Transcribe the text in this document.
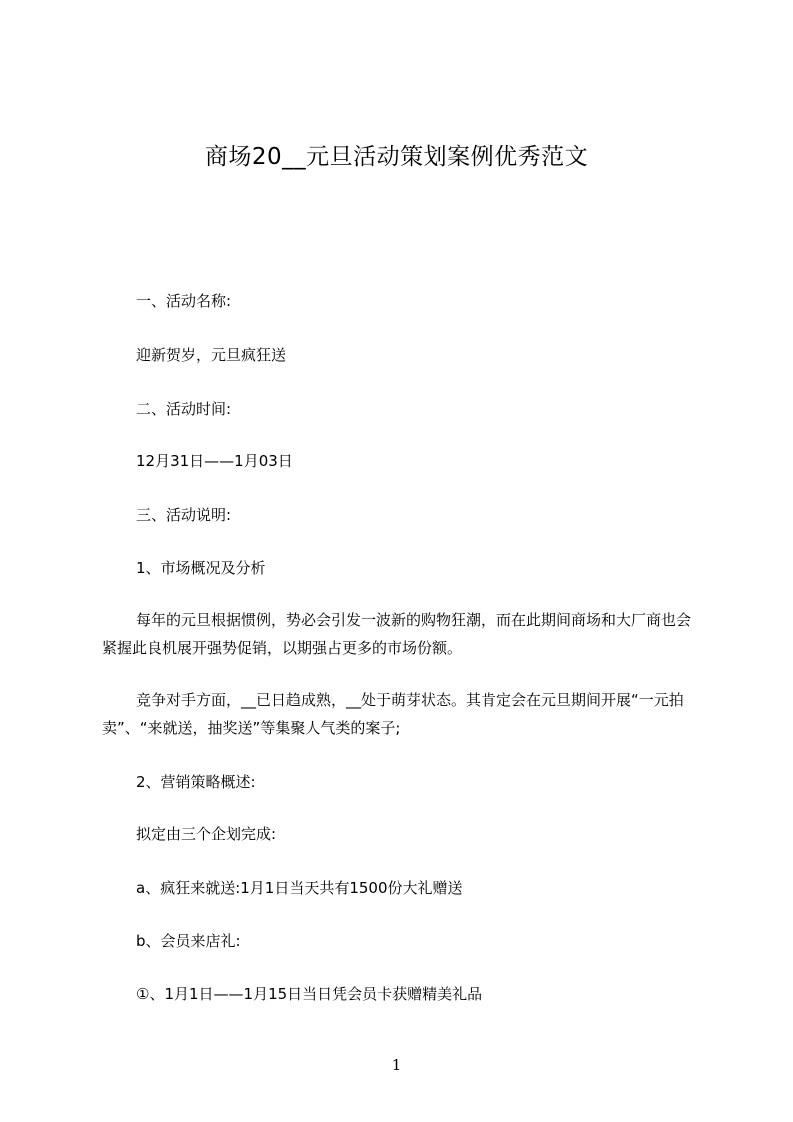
商场20__元旦活动策划案例优秀范文
一、活动名称:
迎新贺岁，元旦疯狂送
二、活动时间:
12月31日——1月03日
三、活动说明:
1、市场概况及分析
每年的元旦根据惯例，势必会引发一波新的购物狂潮，而在此期间商场和大厂商也会紧握此良机展开强势促销，以期强占更多的市场份额。
竞争对手方面，__已日趋成熟，__处于萌芽状态。其肯定会在元旦期间开展“一元拍卖”、“来就送，抽奖送”等集聚人气类的案子;
2、营销策略概述:
拟定由三个企划完成:
a、疯狂来就送:1月1日当天共有1500份大礼赠送
b、会员来店礼:
①、1月1日——1月15日当日凭会员卡获赠精美礼品
1
